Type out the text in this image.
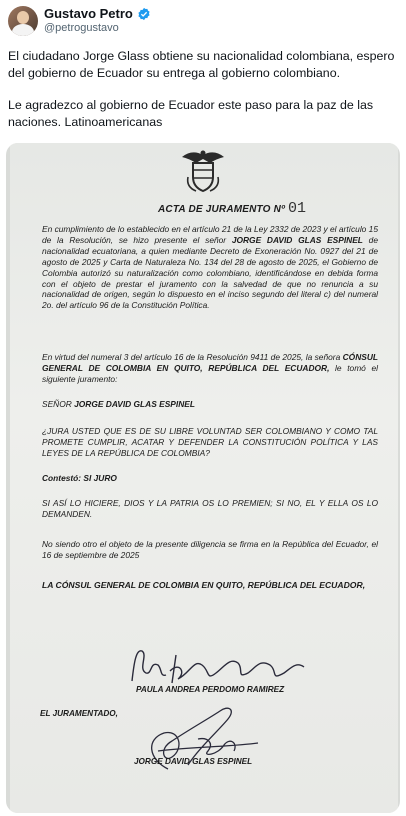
Gustavo Petro
@petrogustavo

El ciudadano Jorge Glass obtiene su nacionalidad colombiana, espero del gobierno de Ecuador su entrega al gobierno colombiano.

Le agradezco al gobierno de Ecuador este paso para la paz de las naciones. Latinoamericanas

ACTA DE JURAMENTO Nº 01

En cumplimiento de lo establecido en el artículo 21 de la Ley 2332 de 2023 y el artículo 15 de la Resolución, se hizo presente el señor JORGE DAVID GLAS ESPINEL de nacionalidad ecuatoriana, a quien mediante Decreto de Exoneración No. 0927 del 21 de agosto de 2025 y Carta de Naturaleza No. 134 del 28 de agosto de 2025, el Gobierno de Colombia autorizó su naturalización como colombiano, identificándose en debida forma con el objeto de prestar el juramento con la salvedad de que no renuncia a su nacionalidad de origen, según lo dispuesto en el inciso segundo del literal c) del numeral 2o. del artículo 96 de la Constitución Política.

En virtud del numeral 3 del artículo 16 de la Resolución 9411 de 2025, la señora CÓNSUL GENERAL DE COLOMBIA EN QUITO, REPÚBLICA DEL ECUADOR, le tomó el siguiente juramento:

SEÑOR JORGE DAVID GLAS ESPINEL

¿JURA USTED QUE ES DE SU LIBRE VOLUNTAD SER COLOMBIANO Y COMO TAL PROMETE CUMPLIR, ACATAR Y DEFENDER LA CONSTITUCIÓN POLÍTICA Y LAS LEYES DE LA REPÚBLICA DE COLOMBIA?

Contestó: SI JURO

SI ASÍ LO HICIERE, DIOS Y LA PATRIA OS LO PREMIEN; SI NO, EL Y ELLA OS LO DEMANDEN.

No siendo otro el objeto de la presente diligencia se firma en la República del Ecuador, el 16 de septiembre de 2025

LA CÓNSUL GENERAL DE COLOMBIA EN QUITO, REPÚBLICA DEL ECUADOR,

PAULA ANDREA PERDOMO RAMIREZ
EL JURAMENTADO,
JORGE DAVID GLAS ESPINEL
